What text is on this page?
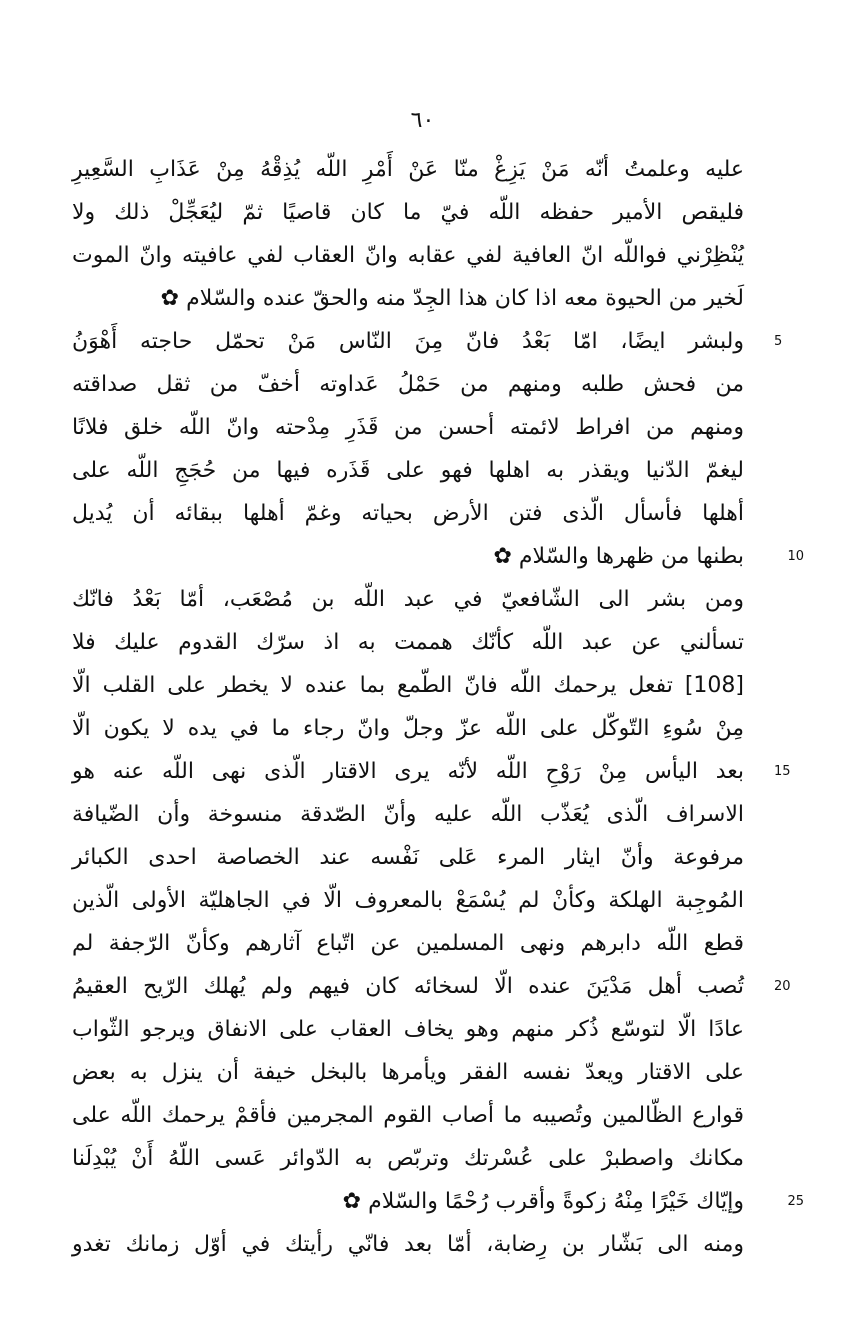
٦٠
عليه وعلمتُ أنّه مَنْ يَزِغْ منّا عَنْ أَمْرِ اللّه يُذِقْهُ مِنْ عَذَابِ السَّعِيرِ
فليقص الأمير حفظه اللّه فيّ ما كان قاصيًا ثمّ ليُعَجِّلْ ذلك ولا
يُنْظِرْني فواللّه انّ العافية لفي عقابه وانّ العقاب لفي عافيته وانّ الموت
لَخير من الحيوة معه اذا كان هذا الجِدّ منه والحقّ عنده والسّلام ✿
ولبشر ايضًا، امّا بَعْدُ فانّ مِنَ النّاس مَنْ تحمّل حاجته أَهْوَنُ 5
من فحش طلبه ومنهم من حَمْلُ عَداوته أخفّ من ثقل صداقته
ومنهم من افراط لائمته أحسن من قَذَرِ مِدْحته وانّ اللّه خلق فلانًا
ليغمّ الدّنيا ويقذر به اهلها فهو على قَذَره فيها من حُجَجِ اللّه على
أهلها فأسأل الّذى فتن الأرض بحياته وغمّ أهلها ببقائه أن يُديل
بطنها من ظهرها والسّلام ✿	10
ومن بشر الى الشّافعيّ في عبد اللّه بن مُصْعَب، أمّا بَعْدُ فانّك
تسألني عن عبد اللّه كأنّك هممت به اذ سرّك القدوم عليك فلا
[108] تفعل يرحمك اللّه فانّ الطّمع بما عنده لا يخطر على القلب الّا
مِنْ سُوءِ التّوكّل على اللّه عزّ وجلّ وانّ رجاء ما في يده لا يكون الّا
بعد اليأس مِنْ رَوْحِ اللّه لأنّه يرى الاقتار الّذى نهى اللّه عنه هو 15
الاسراف الّذى يُعَذّب اللّه عليه وأنّ الصّدقة منسوخة وأن الضّيافة
مرفوعة وأنّ ايثار المرء عَلى نَفْسه عند الخصاصة احدى الكبائر
المُوجِبة الهلكة وكأنْ لم يُسْمَعْ بالمعروف الّا في الجاهليّة الأولى الّذين
قطع اللّه دابرهم ونهى المسلمين عن اتّباع آثارهم وكأنّ الرّجفة لم
تُصب أهل مَدْيَنَ عنده الّا لسخائه كان فيهم ولم يُهلك الرّيح العقيمُ 20
عادًا الّا لتوسّع ذُكر منهم وهو يخاف العقاب على الانفاق ويرجو الثّواب
على الاقتار ويعدّ نفسه الفقر ويأمرها بالبخل خيفة أن ينزل به بعض
قوارع الظّالمين وتُصيبه ما أصاب القوم المجرمين فأقمْ يرحمك اللّه على
مكانك واصطبرْ على عُسْرتك وتربّص به الدّوائر عَسى اللّهُ أَنْ يُبْدِلَنا
وإيّاك خَيْرًا مِنْهُ زكوةً وأقرب رُحْمًا والسّلام ✿	25
ومنه الى بَشّار بن رِضابة، أمّا بعد فانّي رأيتك في أوّل زمانك تغدو
